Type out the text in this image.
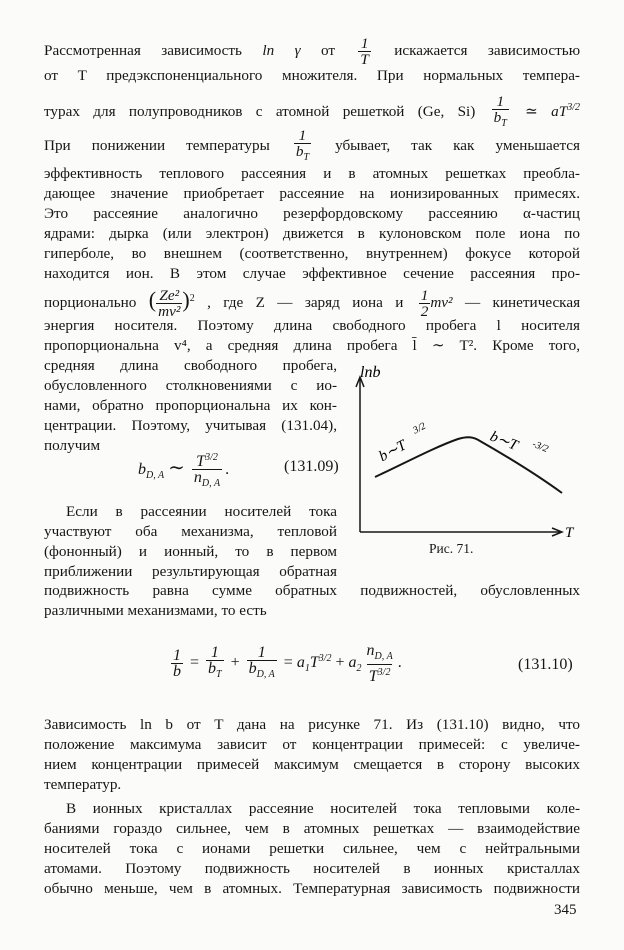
Рассмотренная зависимость ln γ от $\frac{1}{T}$ искажается зависимостью
от T предэкспоненциального множителя. При нормальных темпера-
турах для полупроводников с атомной решеткой (Ge, $Si) \frac{1}{b_T}$ ≃ $aT^{3/2}$
При понижении температуры $\frac{1}{b_T}$ убывает, так как уменьшается
эффективность теплового рассеяния и в атомных решетках преобла-
дающее значение приобретает рассеяние на ионизированных примесях.
Это рассеяние аналогично резерфордовскому рассеянию α-частиц
ядрами: дырка (или электрон) движется в кулоновском поле иона по
гиперболе, во внешнем (соответственно, внутреннем) фокусе которой
находится ион. В этом случае эффективное сечение рассеяния про-
порционально ( $\frac{\text{Ze²}}{\text{mv²}} )^2$ , где Z — заряд иона и $\frac{1}{2} mv^2$ — кинетическая
энергия носителя. Поэтому длина свободного пробега l носителя
пропорциональна v⁴, а средняя длина пробега l̄ ∼ T². Кроме того,
средняя длина свободного пробега,
обусловленного столкновениями с ио-
нами, обратно пропорциональна их кон-
центрации. Поэтому, учитывая (131.04),
получим
$b_{D, A}$ ∼ $\frac{T^{3/2}}{n_{D, A}}$ .	(131.09)
Если в рассеянии носителей тока
участвуют оба механизма, тепловой
(фононный) и ионный, то в первом
приближении результирующая обратная
подвижность равна сумме обратных подвижностей, обусловленных
различными механизмами, то есть
lnb
T
b∼T
3/2	b∼T -3/2
Рис. 71.
$\frac{1}{b} = \frac{1}{b_T} + \frac{1}{b_{D, A}} = a_1T^{3/2} + a_2 \frac{n_{D, A}}{T^{3/2}}$ .	(131.10)
Зависимость ln b от T дана на рисунке 71. Из (131.10) видно, что
положение максимума зависит от концентрации примесей: с увеличе-
нием концентрации примесей максимум смещается в сторону высоких
температур.
В ионных кристаллах рассеяние носителей тока тепловыми коле-
баниями гораздо сильнее, чем в атомных решетках — взаимодействие
носителей тока с ионами решетки сильнее, чем с нейтральными
атомами. Поэтому подвижность носителей в ионных кристаллах
обычно меньше, чем в атомных. Температурная зависимость подвижности
345
